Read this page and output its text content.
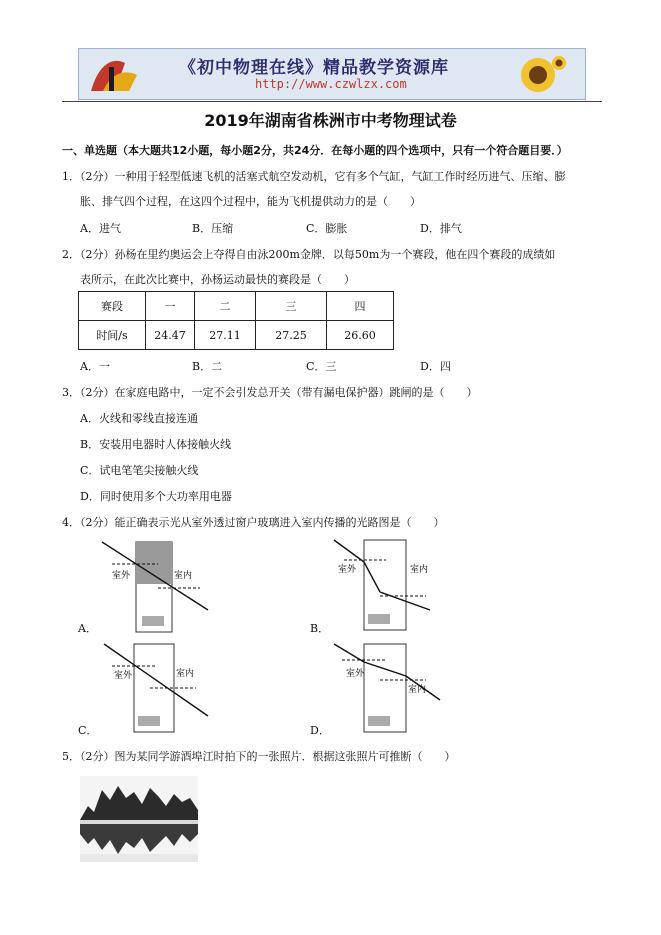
《初中物理在线》精品教学资源库
http://www.czwlzx.com
2019年湖南省株洲市中考物理试卷
一、单选题（本大题共12小题，每小题2分，共24分．在每小题的四个选项中，只有一个符合题目要．）
1．（2分）一种用于轻型低速飞机的活塞式航空发动机，它有多个气缸，气缸工作时经历进气、压缩、膨
胀、排气四个过程，在这四个过程中，能为飞机提供动力的是（　　）
A．进气	B．压缩	C．膨胀	D．排气
2．（2分）孙杨在里约奥运会上夺得自由泳200m金牌．以每50m为一个赛段，他在四个赛段的成绩如
表所示，在此次比赛中，孙杨运动最快的赛段是（　　）
赛段	一	二	三	四
时间/s	24.47	27.11	27.25	26.60
A．一	B．二	C．三	D．四
3．（2分）在家庭电路中，一定不会引发总开关（带有漏电保护器）跳闸的是（　　）
A．火线和零线直接连通
B．安装用电器时人体接触火线
C．试电笔笔尖接触火线
D．同时使用多个大功率用电器
4．（2分）能正确表示光从室外透过窗户玻璃进入室内传播的光路图是（　　）
室外	室内
A．
室外	室内
B．
室外	室内
C．
室外
室内
D．
5．（2分）图为某同学游酒埠江时拍下的一张照片．根据这张照片可推断（　　）
